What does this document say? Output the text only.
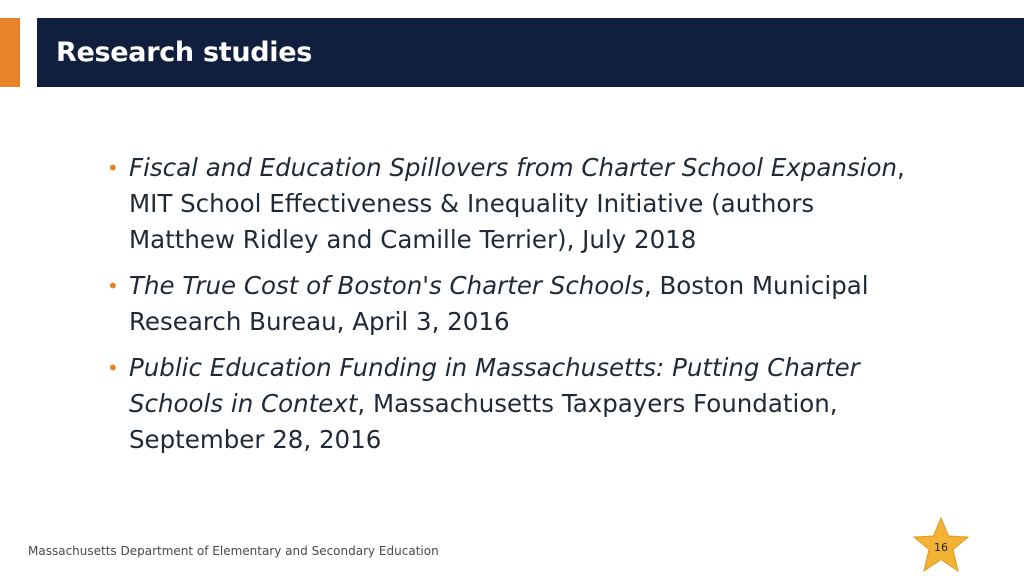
Research studies
• Fiscal and Education Spillovers from Charter School Expansion, MIT School Effectiveness & Inequality Initiative (authors Matthew Ridley and Camille Terrier), July 2018
• The True Cost of Boston's Charter Schools, Boston Municipal Research Bureau, April 3, 2016
• Public Education Funding in Massachusetts: Putting Charter Schools in Context, Massachusetts Taxpayers Foundation, September 28, 2016
Massachusetts Department of Elementary and Secondary Education	16
